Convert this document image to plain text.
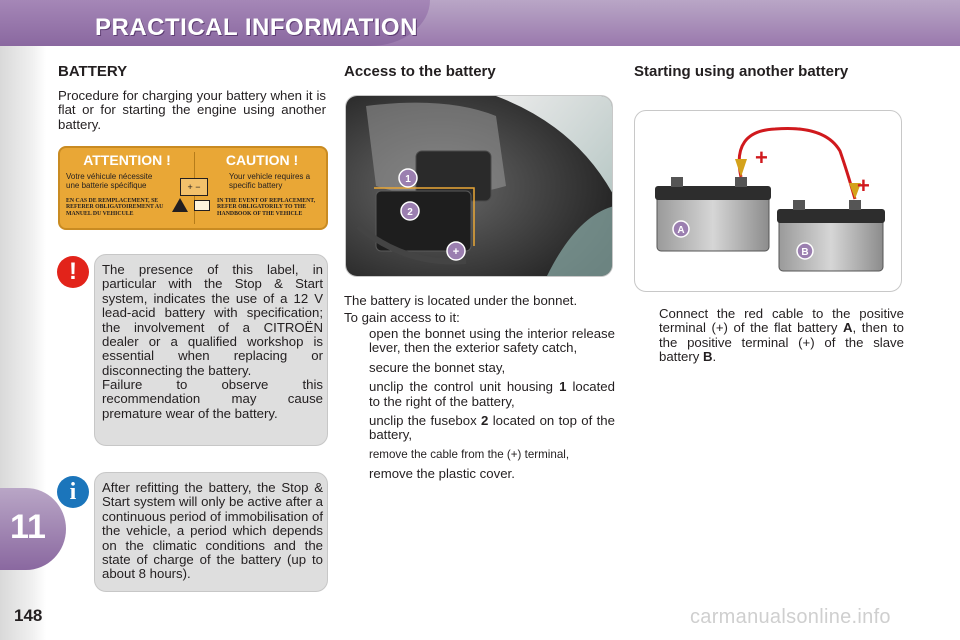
PRACTICAL INFORMATION
11
148
BATTERY

Procedure for charging your battery when it is flat or for starting the engine using another battery.

ATTENTION !
Votre véhicule nécessite une batterie spécifique
EN CAS DE REMPLACEMENT, SE REFERER OBLIGATOIREMENT AU MANUEL DU VEHICULE
CAUTION !
Your vehicle requires a specific battery
IN THE EVENT OF REPLACEMENT, REFER OBLIGATORILY TO THE HANDBOOK OF THE VEHICLE
+ −

The presence of this label, in particular with the Stop & Start system, indicates the use of a 12 V lead-acid battery with specification; the involvement of a CITROËN dealer or a qualified workshop is essential when replacing or disconnecting the battery.

Failure to observe this recommendation may cause premature wear of the battery.

!

After refitting the battery, the Stop & Start system will only be active after a continuous period of immobilisation of the vehicle, a period which depends on the climatic conditions and the state of charge of the battery (up to about 8 hours).

i
Access to the battery
1
2
+

The battery is located under the bonnet.

To gain access to it:

open the bonnet using the interior release lever, then the exterior safety catch,
secure the bonnet stay,
unclip the control unit housing 1 located to the right of the battery,
unclip the fusebox 2 located on top of the battery,
remove the cable from the (+) terminal,
remove the plastic cover.
Starting using another battery
A
B
+
+
Connect the red cable to the positive terminal (+) of the flat battery A, then to the positive terminal (+) of the slave battery B.
carmanualsonline.info
